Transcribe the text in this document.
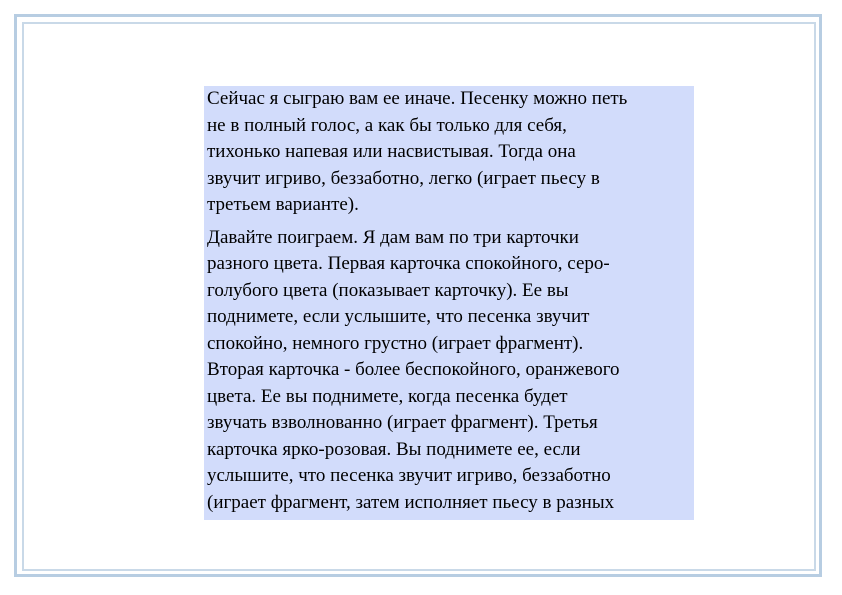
Сейчас я сыграю вам ее иначе. Песенку можно петь
не в полный голос, а как бы только для себя,
тихонько напевая или насвистывая. Тогда она
звучит игриво, беззаботно, легко (играет пьесу в
третьем варианте).

Давайте поиграем. Я дам вам по три карточки
разного цвета. Первая карточка спокойного, серо-
голубого цвета (показывает карточку). Ее вы
поднимете, если услышите, что песенка звучит
спокойно, немного грустно (играет фрагмент).
Вторая карточка - более беспокойного, оранжевого
цвета. Ее вы поднимете, когда песенка будет
звучать взволнованно (играет фрагмент). Третья
карточка ярко-розовая. Вы поднимете ее, если
услышите, что песенка звучит игриво, беззаботно
(играет фрагмент, затем исполняет пьесу в разных
